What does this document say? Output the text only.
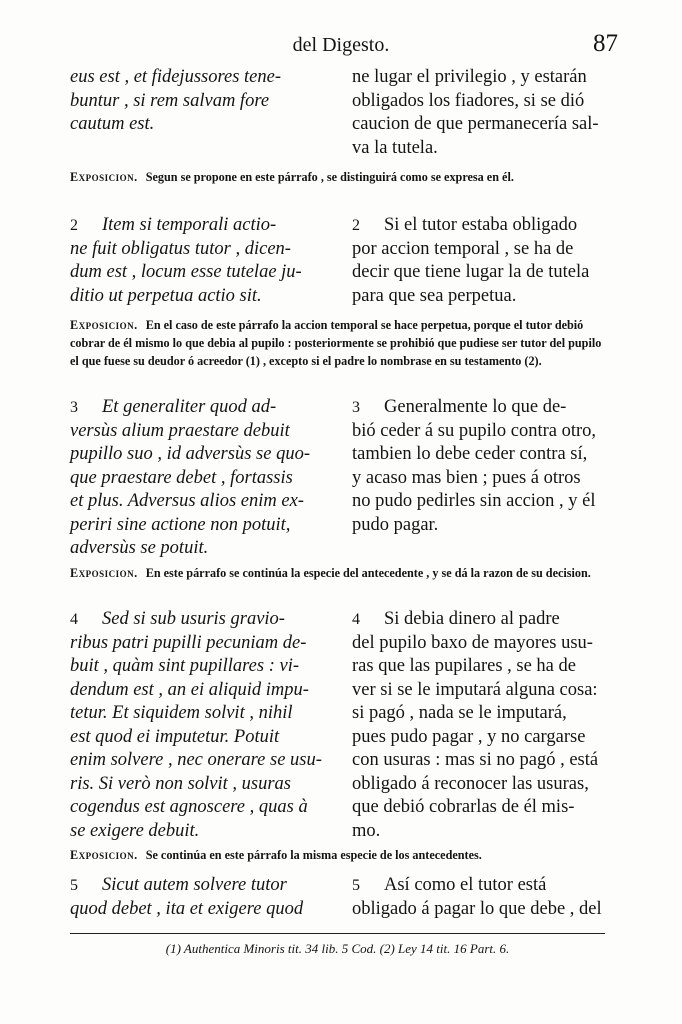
del Digesto.	87
eus est , et fidejussores tene-
buntur , si rem salvam fore
cautum est.
ne lugar el privilegio , y estarán
obligados los fiadores, si se dió
caucion de que permanecería sal-
va la tutela.
Exposicion. Segun se propone en este párrafo , se distinguirá como se expresa en él.
2 Item si temporali actio-
ne fuit obligatus tutor , dicen-
dum est , locum esse tutelae ju-
ditio ut perpetua actio sit.
2 Si el tutor estaba obligado
por accion temporal , se ha de
decir que tiene lugar la de tutela
para que sea perpetua.
Exposicion. En el caso de este párrafo la accion temporal se hace perpetua, porque el tutor debió cobrar de él mismo lo que debia al pupilo : posteriormente se prohibió que pudiese ser tutor del pupilo el que fuese su deudor ó acreedor (1) , excepto si el padre lo nombrase en su testamento (2).
3 Et generaliter quod ad-
versùs alium praestare debuit
pupillo suo , id adversùs se quo-
que praestare debet , fortassis
et plus. Adversus alios enim ex-
periri sine actione non potuit,
adversùs se potuit.
3 Generalmente lo que de-
bió ceder á su pupilo contra otro,
tambien lo debe ceder contra sí,
y acaso mas bien ; pues á otros
no pudo pedirles sin accion , y él
pudo pagar.
Exposicion. En este párrafo se continúa la especie del antecedente , y se dá la razon de su decision.
4 Sed si sub usuris gravio-
ribus patri pupilli pecuniam de-
buit , quàm sint pupillares : vi-
dendum est , an ei aliquid impu-
tetur. Et siquidem solvit , nihil
est quod ei imputetur. Potuit
enim solvere , nec onerare se usu-
ris. Si verò non solvit , usuras
cogendus est agnoscere , quas à
se exigere debuit.
4 Si debia dinero al padre
del pupilo baxo de mayores usu-
ras que las pupilares , se ha de
ver si se le imputará alguna cosa:
si pagó , nada se le imputará,
pues pudo pagar , y no cargarse
con usuras : mas si no pagó , está
obligado á reconocer las usuras,
que debió cobrarlas de él mis-
mo.
Exposicion. Se continúa en este párrafo la misma especie de los antecedentes.
5 Sicut autem solvere tutor
quod debet , ita et exigere quod
5 Así como el tutor está
obligado á pagar lo que debe , del
(1) Authentica Minoris tit. 34 lib. 5 Cod. (2) Ley 14 tit. 16 Part. 6.
